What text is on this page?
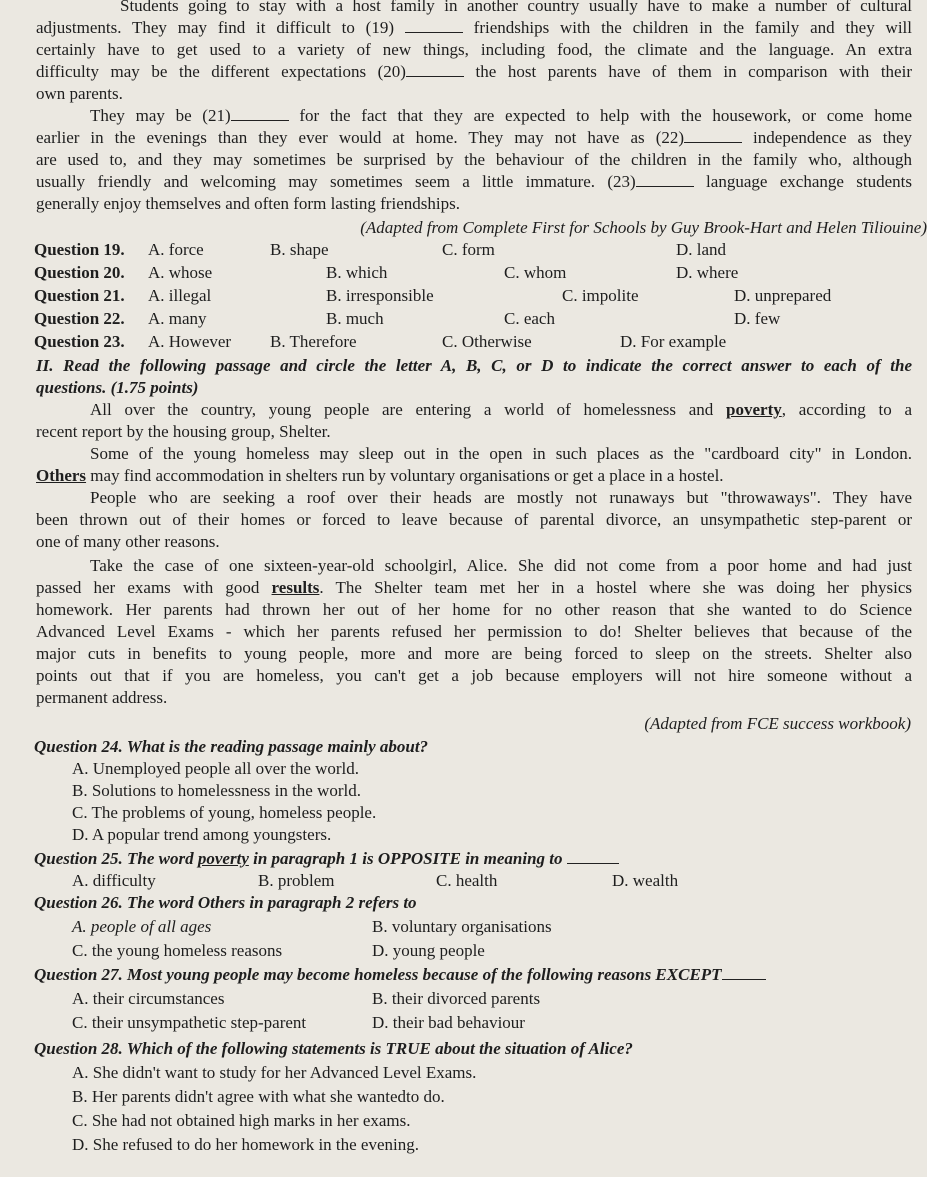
Students going to stay with a host family in another country usually have to make a number of cultural
adjustments. They may find it difficult to (19)	friendships with the children in the family and they will
certainly have to get used to a variety of new things, including food, the climate and the language. An extra
difficulty may be the different expectations (20)	the host parents have of them in comparison with their
own parents.
They may be (21)	for the fact that they are expected to help with the housework, or come home
earlier in the evenings than they ever would at home. They may not have as (22)	independence as they
are used to, and they may sometimes be surprised by the behaviour of the children in the family who, although
usually friendly and welcoming may sometimes seem a little immature. (23)	language exchange students
generally enjoy themselves and often form lasting friendships.
(Adapted from Complete First for Schools by Guy Brook-Hart and Helen Tiliouine)
Question 19. A. force	B. shape	C. form	D. land
Question 20. A. whose	B. which	C. whom	D. where
Question 21. A. illegal	B. irresponsible	C. impolite	D. unprepared
Question 22. A. many	B. much	C. each	D. few
Question 23. A. However B. Therefore	C. Otherwise	D. For example
II. Read the following passage and circle the letter A, B, C, or D to indicate the correct answer to each of the
questions. (1.75 points)
All over the country, young people are entering a world of homelessness and poverty, according to a
recent report by the housing group, Shelter.
Some of the young homeless may sleep out in the open in such places as the "cardboard city" in London.
Others may find accommodation in shelters run by voluntary organisations or get a place in a hostel.
People who are seeking a roof over their heads are mostly not runaways but "throwaways". They have
been thrown out of their homes or forced to leave because of parental divorce, an unsympathetic step-parent or
one of many other reasons.
Take the case of one sixteen-year-old schoolgirl, Alice. She did not come from a poor home and had just
passed her exams with good results. The Shelter team met her in a hostel where she was doing her physics
homework. Her parents had thrown her out of her home for no other reason that she wanted to do Science
Advanced Level Exams - which her parents refused her permission to do! Shelter believes that because of the
major cuts in benefits to young people, more and more are being forced to sleep on the streets. Shelter also
points out that if you are homeless, you can't get a job because employers will not hire someone without a
permanent address.
(Adapted from FCE success workbook)
Question 24. What is the reading passage mainly about?
A. Unemployed people all over the world.
B. Solutions to homelessness in the world.
C. The problems of young, homeless people.
D. A popular trend among youngsters.
Question 25. The word poverty in paragraph 1 is OPPOSITE in meaning to
A. difficulty	B. problem	C. health	D. wealth
Question 26. The word Others in paragraph 2 refers to
A. people of all ages	B. voluntary organisations
C. the young homeless reasons	D. young people
Question 27. Most young people may become homeless because of the following reasons EXCEPT
A. their circumstances	B. their divorced parents
C. their unsympathetic step-parent	D. their bad behaviour
Question 28. Which of the following statements is TRUE about the situation of Alice?
A. She didn't want to study for her Advanced Level Exams.
B. Her parents didn't agree with what she wantedto do.
C. She had not obtained high marks in her exams.
D. She refused to do her homework in the evening.
